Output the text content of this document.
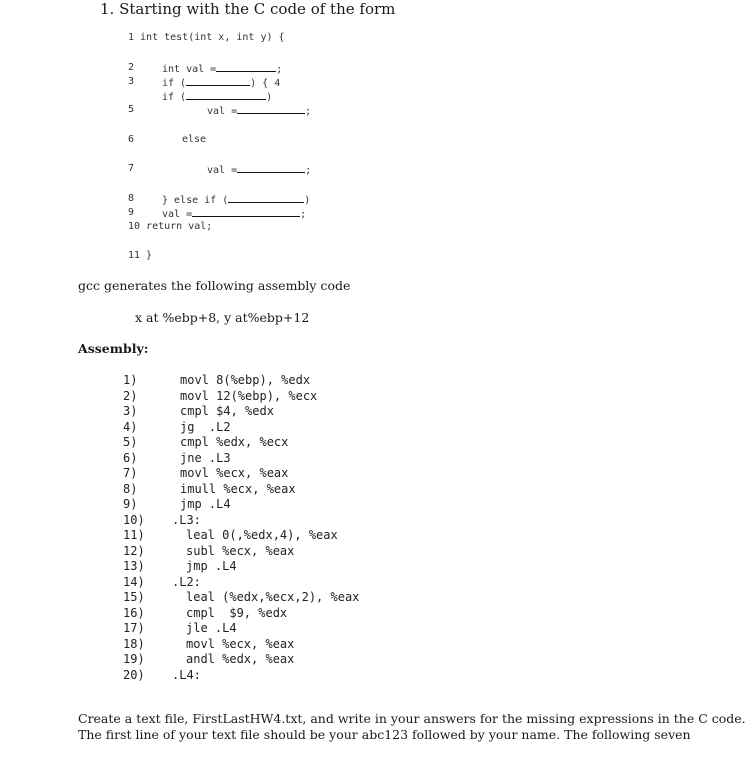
1. Starting with the C code of the form
1 int test(int x, int y) {
2	int val =	;
3	if (	) { 4
if (	)
5	val =	;
6	else
7	val =	;
8	} else if (	)
9	val =	;
10 return val;
11 }
gcc generates the following assembly code
x at %ebp+8, y at%ebp+12
Assembly:
1)	movl 8(%ebp), %edx
2)	movl 12(%ebp), %ecx
3)	cmpl $4, %edx
4)	jg  .L2
5)	cmpl %edx, %ecx
6)	jne .L3
7)	movl %ecx, %eax
8)	imull %ecx, %eax
9)	jmp .L4
10) .L3:
11)	leal 0(,%edx,4), %eax
12)	subl %ecx, %eax
13)	jmp .L4
14) .L2:
15)	leal (%edx,%ecx,2), %eax
16)	cmpl  $9, %edx
17)	jle .L4
18)	movl %ecx, %eax
19)	andl %edx, %eax
20) .L4:
Create a text file, FirstLastHW4.txt, and write in your answers for the missing expressions in the C code.
The first line of your text file should be your abc123 followed by your name. The following seven
